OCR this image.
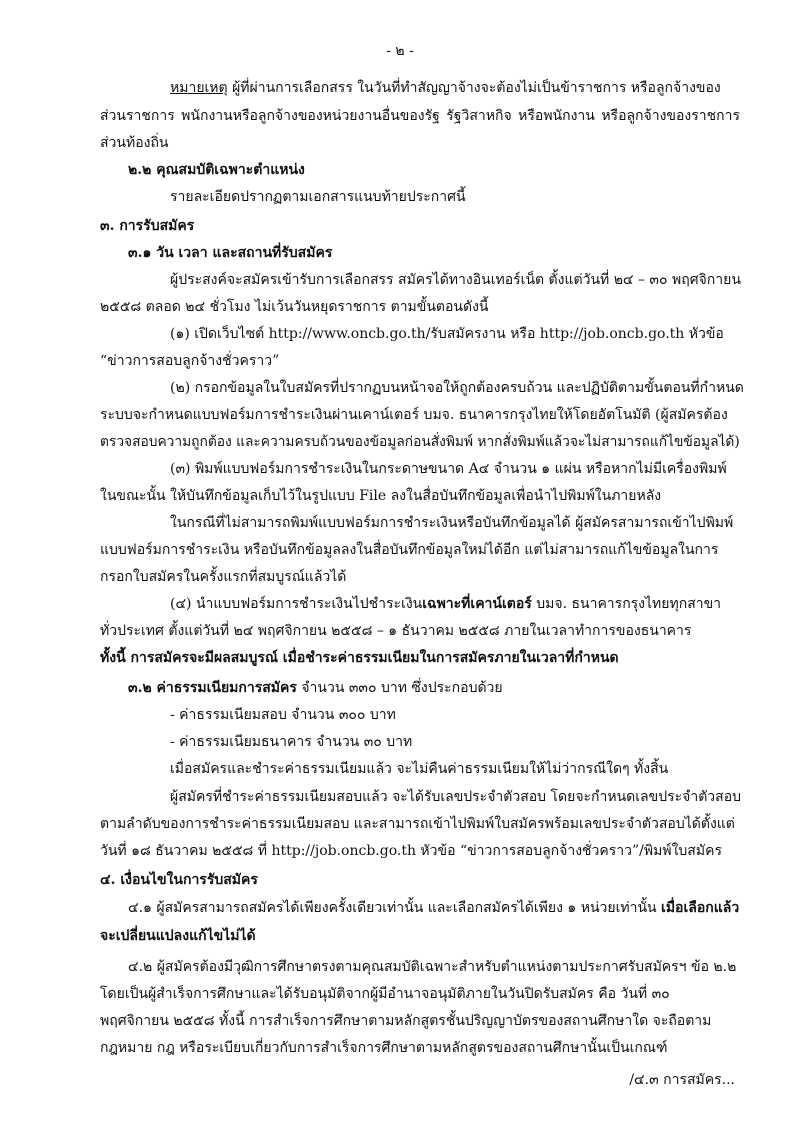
- ๒ -
หมายเหตุ ผู้ที่ผ่านการเลือกสรร ในวันที่ทำสัญญาจ้างจะต้องไม่เป็นข้าราชการ หรือลูกจ้างของ
ส่วนราชการ พนักงานหรือลูกจ้างของหน่วยงานอื่นของรัฐ รัฐวิสาหกิจ หรือพนักงาน หรือลูกจ้างของราชการ
ส่วนท้องถิ่น
๒.๒ คุณสมบัติเฉพาะตำแหน่ง
รายละเอียดปรากฏตามเอกสารแนบท้ายประกาศนี้
๓. การรับสมัคร
๓.๑ วัน เวลา และสถานที่รับสมัคร
ผู้ประสงค์จะสมัครเข้ารับการเลือกสรร สมัครได้ทางอินเทอร์เน็ต ตั้งแต่วันที่ ๒๔ – ๓๐ พฤศจิกายน
๒๕๕๘ ตลอด ๒๔ ชั่วโมง ไม่เว้นวันหยุดราชการ ตามขั้นตอนดังนี้
(๑) เปิดเว็บไซต์ http://www.oncb.go.th/รับสมัครงาน หรือ http://job.oncb.go.th หัวข้อ
“ข่าวการสอบลูกจ้างชั่วคราว”
(๒) กรอกข้อมูลในใบสมัครที่ปรากฏบนหน้าจอให้ถูกต้องครบถ้วน และปฏิบัติตามขั้นตอนที่กำหนด
ระบบจะกำหนดแบบฟอร์มการชำระเงินผ่านเคาน์เตอร์ บมจ. ธนาคารกรุงไทยให้โดยอัตโนมัติ (ผู้สมัครต้อง
ตรวจสอบความถูกต้อง และความครบถ้วนของข้อมูลก่อนสั่งพิมพ์ หากสั่งพิมพ์แล้วจะไม่สามารถแก้ไขข้อมูลได้)
(๓) พิมพ์แบบฟอร์มการชำระเงินในกระดาษขนาด A๔ จำนวน ๑ แผ่น หรือหากไม่มีเครื่องพิมพ์
ในขณะนั้น ให้บันทึกข้อมูลเก็บไว้ในรูปแบบ File ลงในสื่อบันทึกข้อมูลเพื่อนำไปพิมพ์ในภายหลัง
ในกรณีที่ไม่สามารถพิมพ์แบบฟอร์มการชำระเงินหรือบันทึกข้อมูลได้ ผู้สมัครสามารถเข้าไปพิมพ์
แบบฟอร์มการชำระเงิน หรือบันทึกข้อมูลลงในสื่อบันทึกข้อมูลใหม่ได้อีก แต่ไม่สามารถแก้ไขข้อมูลในการ
กรอกใบสมัครในครั้งแรกที่สมบูรณ์แล้วได้
(๔) นำแบบฟอร์มการชำระเงินไปชำระเงินเฉพาะที่เคาน์เตอร์ บมจ. ธนาคารกรุงไทยทุกสาขา
ทั่วประเทศ ตั้งแต่วันที่ ๒๔ พฤศจิกายน ๒๕๕๘ – ๑ ธันวาคม ๒๕๕๘ ภายในเวลาทำการของธนาคาร
ทั้งนี้ การสมัครจะมีผลสมบูรณ์ เมื่อชำระค่าธรรมเนียมในการสมัครภายในเวลาที่กำหนด
๓.๒ ค่าธรรมเนียมการสมัคร จำนวน ๓๓๐ บาท ซึ่งประกอบด้วย
- ค่าธรรมเนียมสอบ จำนวน ๓๐๐ บาท
- ค่าธรรมเนียมธนาคาร จำนวน ๓๐ บาท
เมื่อสมัครและชำระค่าธรรมเนียมแล้ว จะไม่คืนค่าธรรมเนียมให้ไม่ว่ากรณีใดๆ ทั้งสิ้น
ผู้สมัครที่ชำระค่าธรรมเนียมสอบแล้ว จะได้รับเลขประจำตัวสอบ โดยจะกำหนดเลขประจำตัวสอบ
ตามลำดับของการชำระค่าธรรมเนียมสอบ และสามารถเข้าไปพิมพ์ใบสมัครพร้อมเลขประจำตัวสอบได้ตั้งแต่
วันที่ ๑๘ ธันวาคม ๒๕๕๘ ที่ http://job.oncb.go.th หัวข้อ “ข่าวการสอบลูกจ้างชั่วคราว”/พิมพ์ใบสมัคร
๔. เงื่อนไขในการรับสมัคร
๔.๑ ผู้สมัครสามารถสมัครได้เพียงครั้งเดียวเท่านั้น และเลือกสมัครได้เพียง ๑ หน่วยเท่านั้น เมื่อเลือกแล้ว
จะเปลี่ยนแปลงแก้ไขไม่ได้
๔.๒ ผู้สมัครต้องมีวุฒิการศึกษาตรงตามคุณสมบัติเฉพาะสำหรับตำแหน่งตามประกาศรับสมัครฯ ข้อ ๒.๒
โดยเป็นผู้สำเร็จการศึกษาและได้รับอนุมัติจากผู้มีอำนาจอนุมัติภายในวันปิดรับสมัคร คือ วันที่ ๓๐
พฤศจิกายน ๒๕๕๘ ทั้งนี้ การสำเร็จการศึกษาตามหลักสูตรชั้นปริญญาบัตรของสถานศึกษาใด จะถือตาม
กฎหมาย กฎ หรือระเบียบเกี่ยวกับการสำเร็จการศึกษาตามหลักสูตรของสถานศึกษานั้นเป็นเกณฑ์
/๔.๓ การสมัคร...
